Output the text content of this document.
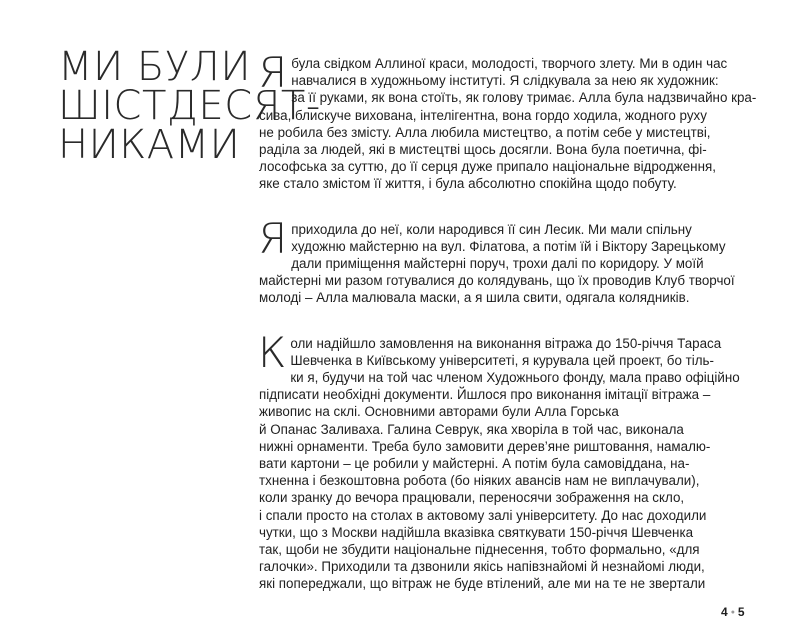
МИ БУЛИ
ШІСТДЕСЯТ-
НИКАМИ
Я була свідком Аллиної краси, молодості, творчого злету. Ми в один час
навчалися в художньому інституті. Я слідкувала за нею як художник:
за її руками, як вона стоїть, як голову тримає. Алла була надзвичайно кра-
сива, блискуче вихована, інтелігентна, вона гордо ходила, жодного руху
не робила без змісту. Алла любила мистецтво, а потім себе у мистецтві,
раділа за людей, які в мистецтві щось досягли. Вона була поетична, фі-
лософська за суттю, до її серця дуже припало національне відродження,
яке стало змістом її життя, і була абсолютно спокійна щодо побуту.
Я приходила до неї, коли народився її син Лесик. Ми мали спільну
художню майстерню на вул. Філатова, а потім їй і Віктору Зарецькому
дали приміщення майстерні поруч, трохи далі по коридору. У моїй
майстерні ми разом готувалися до колядувань, що їх проводив Клуб творчої
молоді – Алла малювала маски, а я шила свити, одягала колядників.
К оли надійшло замовлення на виконання вітража до 150-річчя Тараса
Шевченка в Київському університеті, я курувала цей проект, бо тіль-
ки я, будучи на той час членом Художнього фонду, мала право офіційно
підписати необхідні документи. Йшлося про виконання імітації вітража –
живопис на склі. Основними авторами були Алла Горська
й Опанас Заливаха. Галина Севрук, яка хворіла в той час, виконала
нижні орнаменти. Треба було замовити дерев’яне риштовання, намалю-
вати картони – це робили у майстерні. А потім була самовіддана, на-
тхненна і безкоштовна робота (бо ніяких авансів нам не виплачували),
коли зранку до вечора працювали, переносячи зображення на скло,
і спали просто на столах в актовому залі університету. До нас доходили
чутки, що з Москви надійшла вказівка святкувати 150-річчя Шевченка
так, щоби не збудити національне піднесення, тобто формально, «для
галочки». Приходили та дзвонили якісь напівзнайомі й незнайомі люди,
які попереджали, що вітраж не буде втілений, але ми на те не звертали
4 ● 5
